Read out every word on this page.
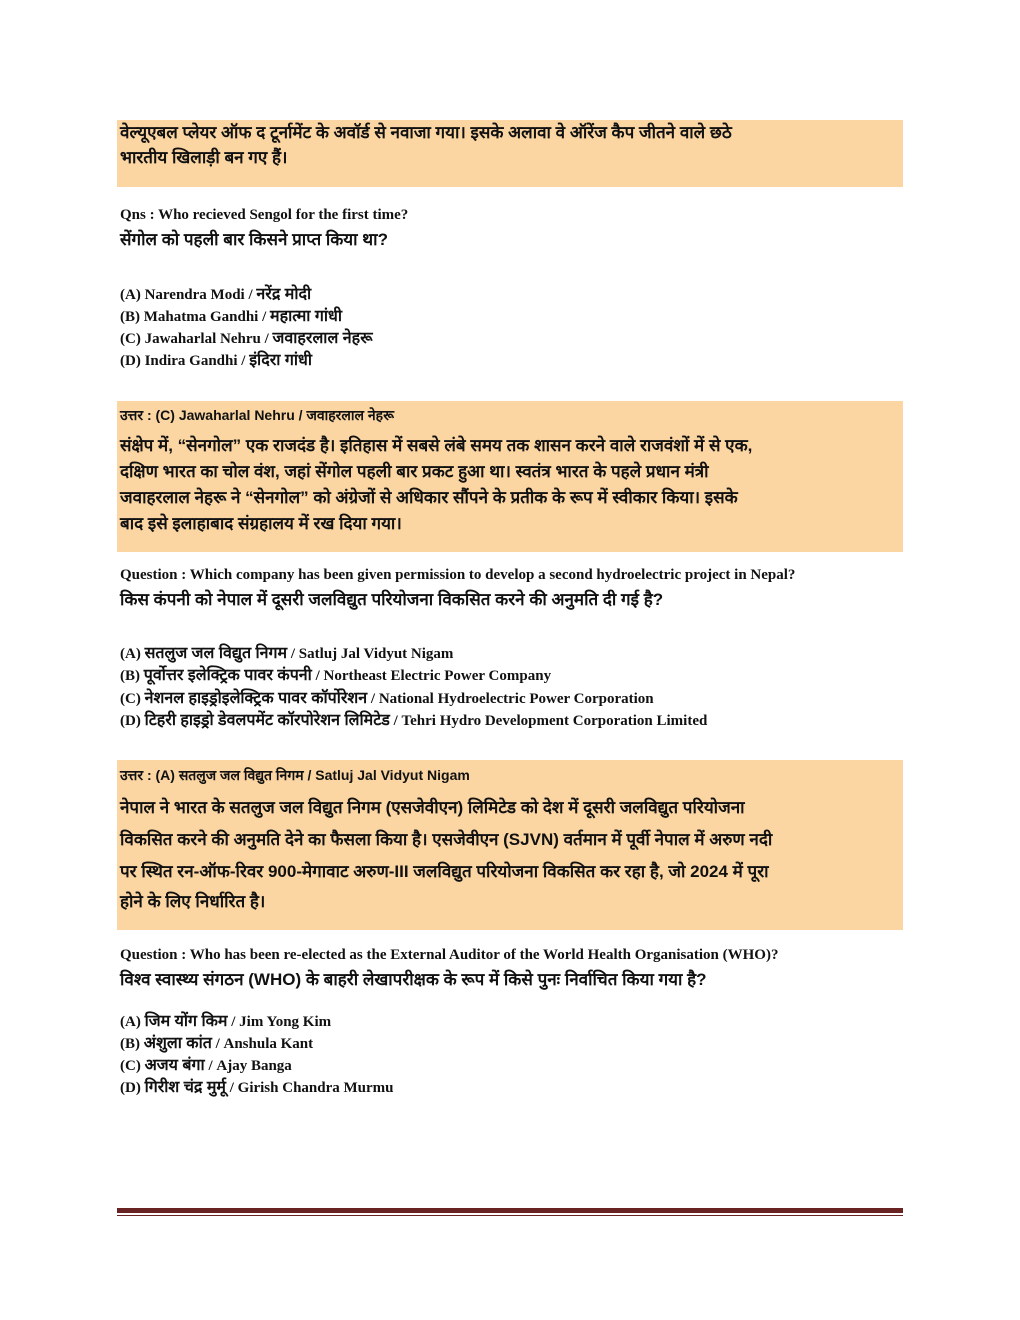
वेल्यूएबल प्लेयर ऑफ द टूर्नामेंट के अवॉर्ड से नवाजा गया। इसके अलावा वे ऑरेंज कैप जीतने वाले छठे
भारतीय खिलाड़ी बन गए हैं।
Qns : Who recieved Sengol for the first time?
सेंगोल को पहली बार किसने प्राप्त किया था?
(A) Narendra Modi / नरेंद्र मोदी
(B) Mahatma Gandhi / महात्मा गांधी
(C) Jawaharlal Nehru / जवाहरलाल नेहरू
(D) Indira Gandhi / इंदिरा गांधी
उत्तर : (C) Jawaharlal Nehru / जवाहरलाल नेहरू
संक्षेप में, “सेनगोल” एक राजदंड है। इतिहास में सबसे लंबे समय तक शासन करने वाले राजवंशों में से एक,
दक्षिण भारत का चोल वंश, जहां सेंगोल पहली बार प्रकट हुआ था। स्वतंत्र भारत के पहले प्रधान मंत्री
जवाहरलाल नेहरू ने “सेनगोल” को अंग्रेजों से अधिकार सौंपने के प्रतीक के रूप में स्वीकार किया। इसके
बाद इसे इलाहाबाद संग्रहालय में रख दिया गया।
Question : Which company has been given permission to develop a second hydroelectric project in Nepal?
किस कंपनी को नेपाल में दूसरी जलविद्युत परियोजना विकसित करने की अनुमति दी गई है?
(A) सतलुज जल विद्युत निगम / Satluj Jal Vidyut Nigam
(B) पूर्वोत्तर इलेक्ट्रिक पावर कंपनी / Northeast Electric Power Company
(C) नेशनल हाइड्रोइलेक्ट्रिक पावर कॉर्पोरेशन / National Hydroelectric Power Corporation
(D) टिहरी हाइड्रो डेवलपमेंट कॉरपोरेशन लिमिटेड / Tehri Hydro Development Corporation Limited
उत्तर : (A) सतलुज जल विद्युत निगम / Satluj Jal Vidyut Nigam
नेपाल ने भारत के सतलुज जल विद्युत निगम (एसजेवीएन) लिमिटेड को देश में दूसरी जलविद्युत परियोजना
विकसित करने की अनुमति देने का फैसला किया है। एसजेवीएन (SJVN) वर्तमान में पूर्वी नेपाल में अरुण नदी
पर स्थित रन-ऑफ-रिवर 900-मेगावाट अरुण-III जलविद्युत परियोजना विकसित कर रहा है, जो 2024 में पूरा
होने के लिए निर्धारित है।
Question : Who has been re-elected as the External Auditor of the World Health Organisation (WHO)?
विश्व स्वास्थ्य संगठन (WHO) के बाहरी लेखापरीक्षक के रूप में किसे पुनः निर्वाचित किया गया है?
(A) जिम योंग किम / Jim Yong Kim
(B) अंशुला कांत / Anshula Kant
(C) अजय बंगा / Ajay Banga
(D) गिरीश चंद्र मुर्मू / Girish Chandra Murmu
